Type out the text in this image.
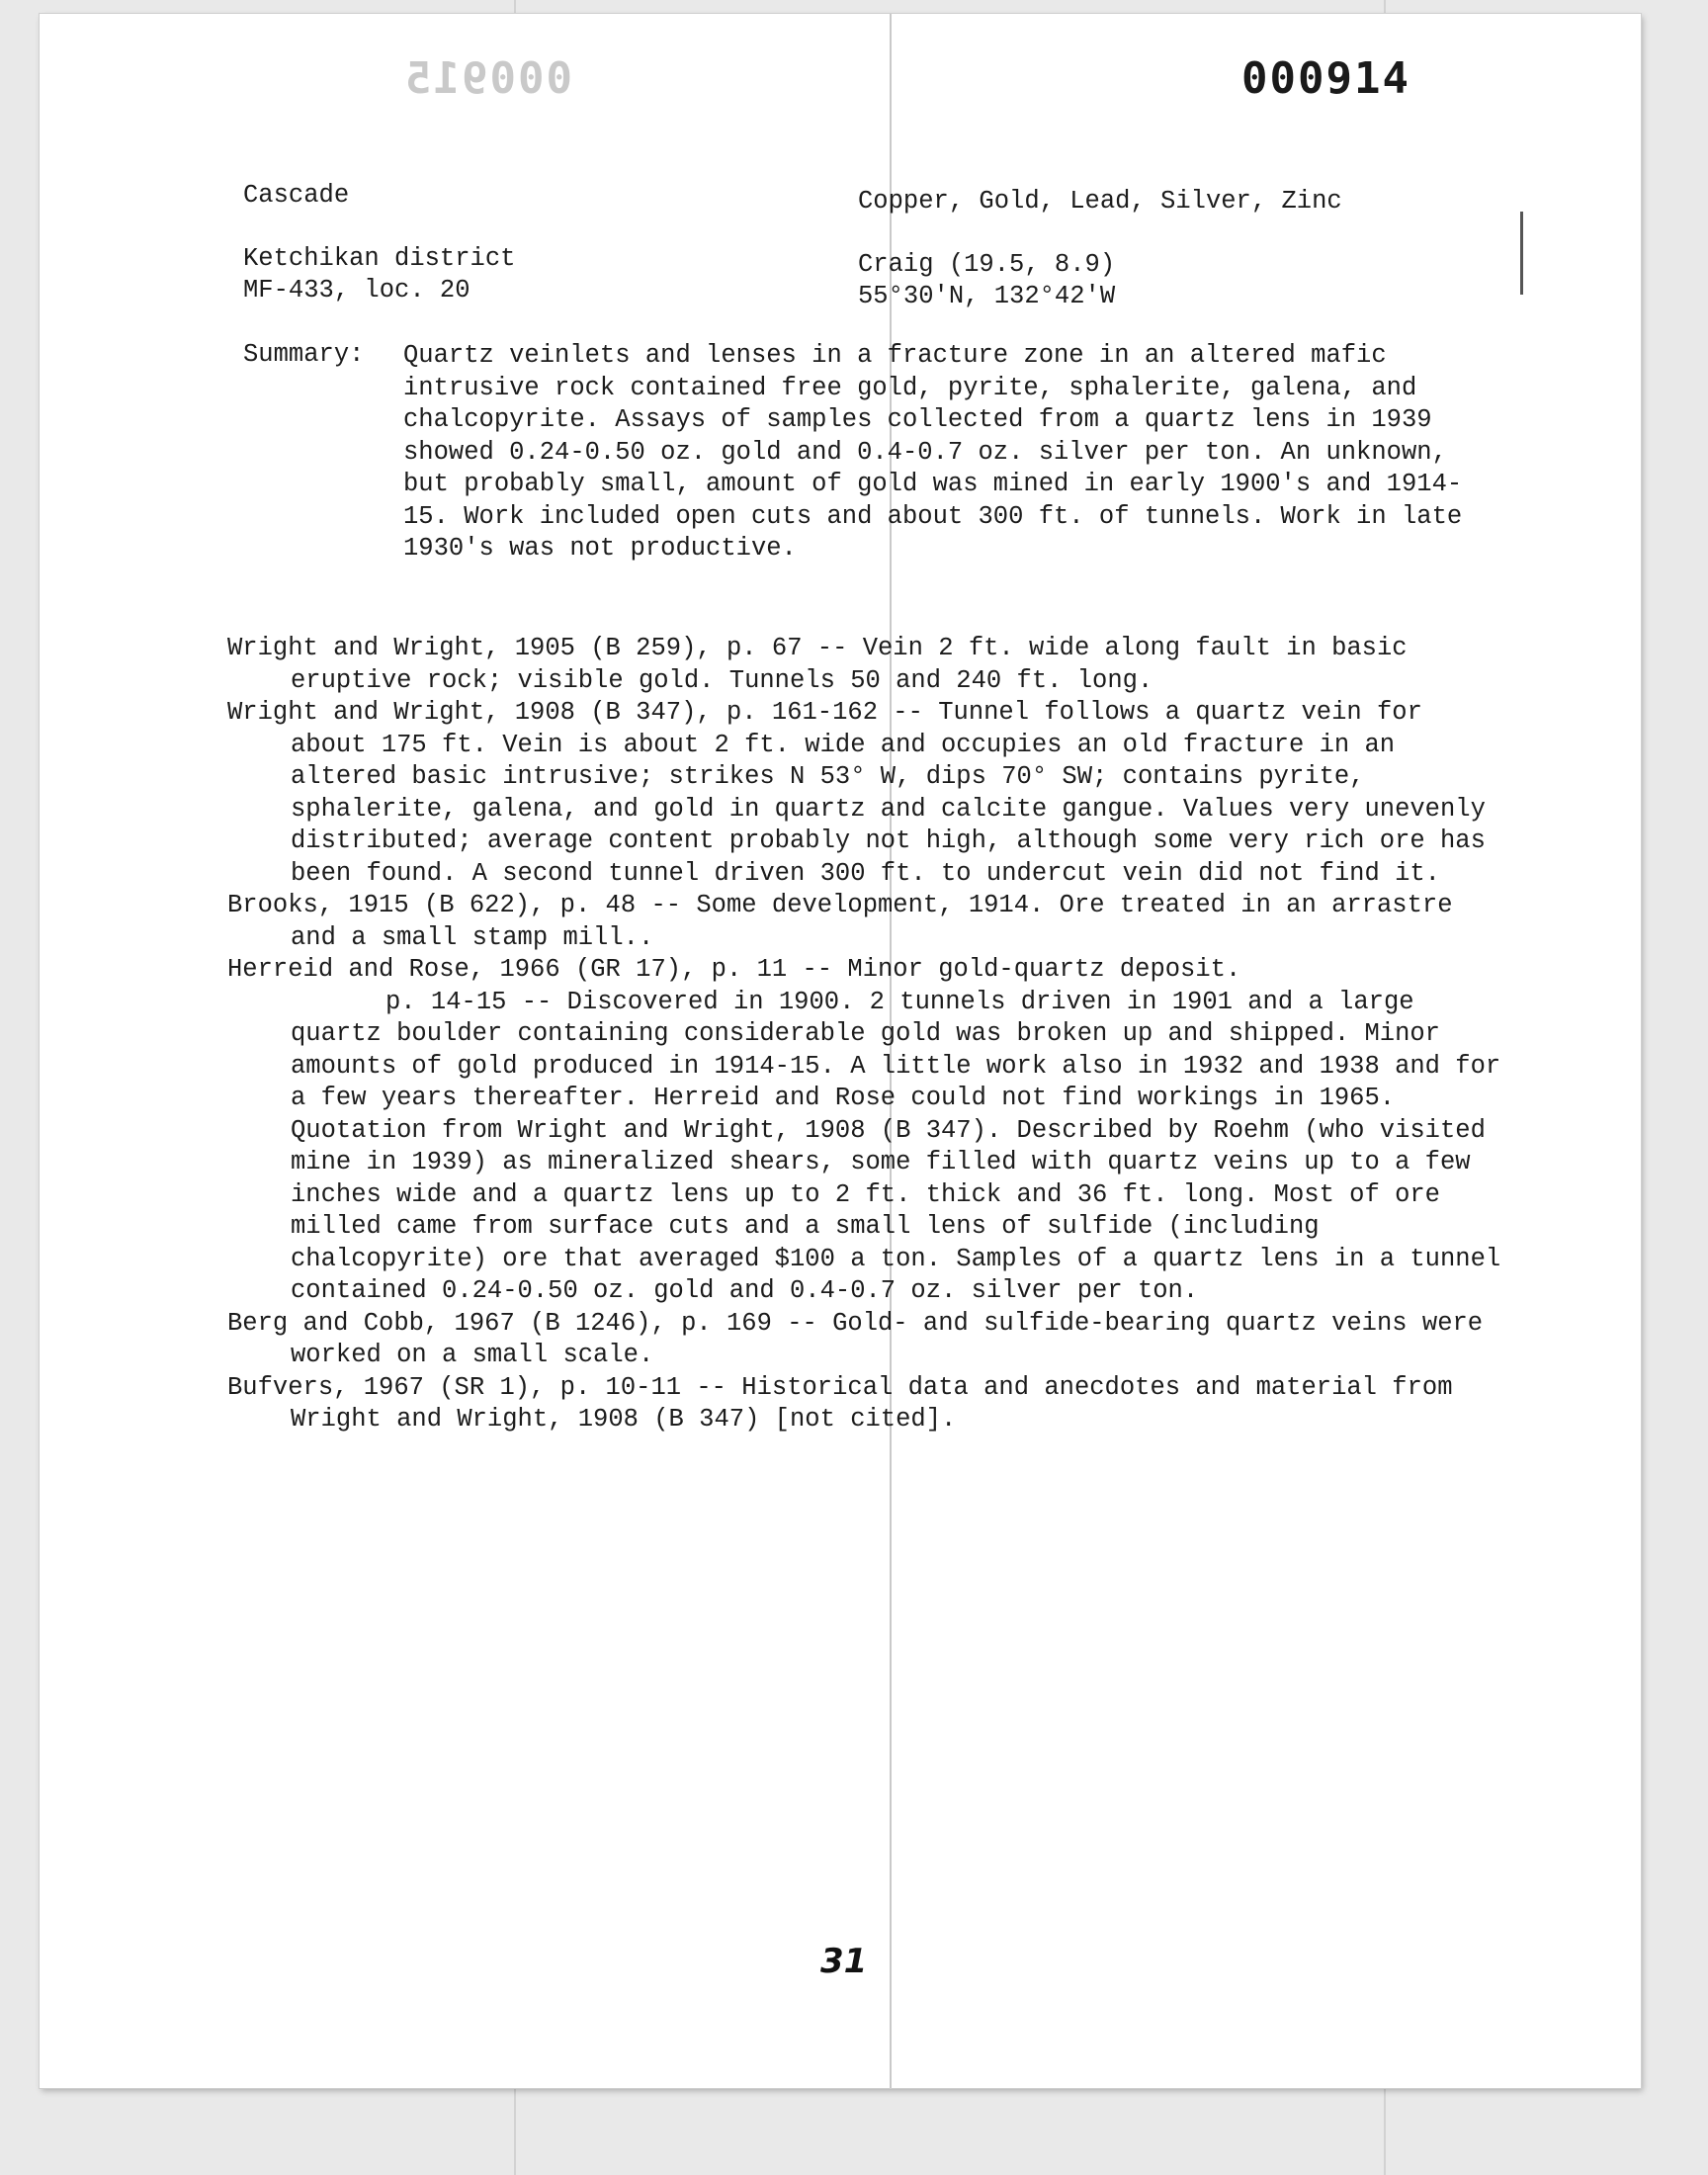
000915	000914
Cascade	Copper, Gold, Lead, Silver, Zinc
Ketchikan district	Craig (19.5, 8.9)
MF-433, loc. 20	55°30'N, 132°42'W
Summary: Quartz veinlets and lenses in a fracture zone in an altered mafic intrusive rock contained free gold, pyrite, sphalerite, galena, and chalcopyrite. Assays of samples collected from a quartz lens in 1939 showed 0.24-0.50 oz. gold and 0.4-0.7 oz. silver per ton. An unknown, but probably small, amount of gold was mined in early 1900's and 1914-15. Work included open cuts and about 300 ft. of tunnels. Work in late 1930's was not productive.

Wright and Wright, 1905 (B 259), p. 67 -- Vein 2 ft. wide along fault in basic eruptive rock; visible gold. Tunnels 50 and 240 ft. long.
Wright and Wright, 1908 (B 347), p. 161-162 -- Tunnel follows a quartz vein for about 175 ft. Vein is about 2 ft. wide and occupies an old fracture in an altered basic intrusive; strikes N 53° W, dips 70° SW; contains pyrite, sphalerite, galena, and gold in quartz and calcite gangue. Values very unevenly distributed; average content probably not high, although some very rich ore has been found. A second tunnel driven 300 ft. to undercut vein did not find it.
Brooks, 1915 (B 622), p. 48 -- Some development, 1914. Ore treated in an arrastre and a small stamp mill..
Herreid and Rose, 1966 (GR 17), p. 11 -- Minor gold-quartz deposit.
p. 14-15 -- Discovered in 1900. 2 tunnels driven in 1901 and a large quartz boulder containing considerable gold was broken up and shipped. Minor amounts of gold produced in 1914-15. A little work also in 1932 and 1938 and for a few years thereafter. Herreid and Rose could not find workings in 1965. Quotation from Wright and Wright, 1908 (B 347). Described by Roehm (who visited mine in 1939) as mineralized shears, some filled with quartz veins up to a few inches wide and a quartz lens up to 2 ft. thick and 36 ft. long. Most of ore milled came from surface cuts and a small lens of sulfide (including chalcopyrite) ore that averaged $100 a ton. Samples of a quartz lens in a tunnel contained 0.24-0.50 oz. gold and 0.4-0.7 oz. silver per ton.
Berg and Cobb, 1967 (B 1246), p. 169 -- Gold- and sulfide-bearing quartz veins were worked on a small scale.
Bufvers, 1967 (SR 1), p. 10-11 -- Historical data and anecdotes and material from Wright and Wright, 1908 (B 347) [not cited].
31
